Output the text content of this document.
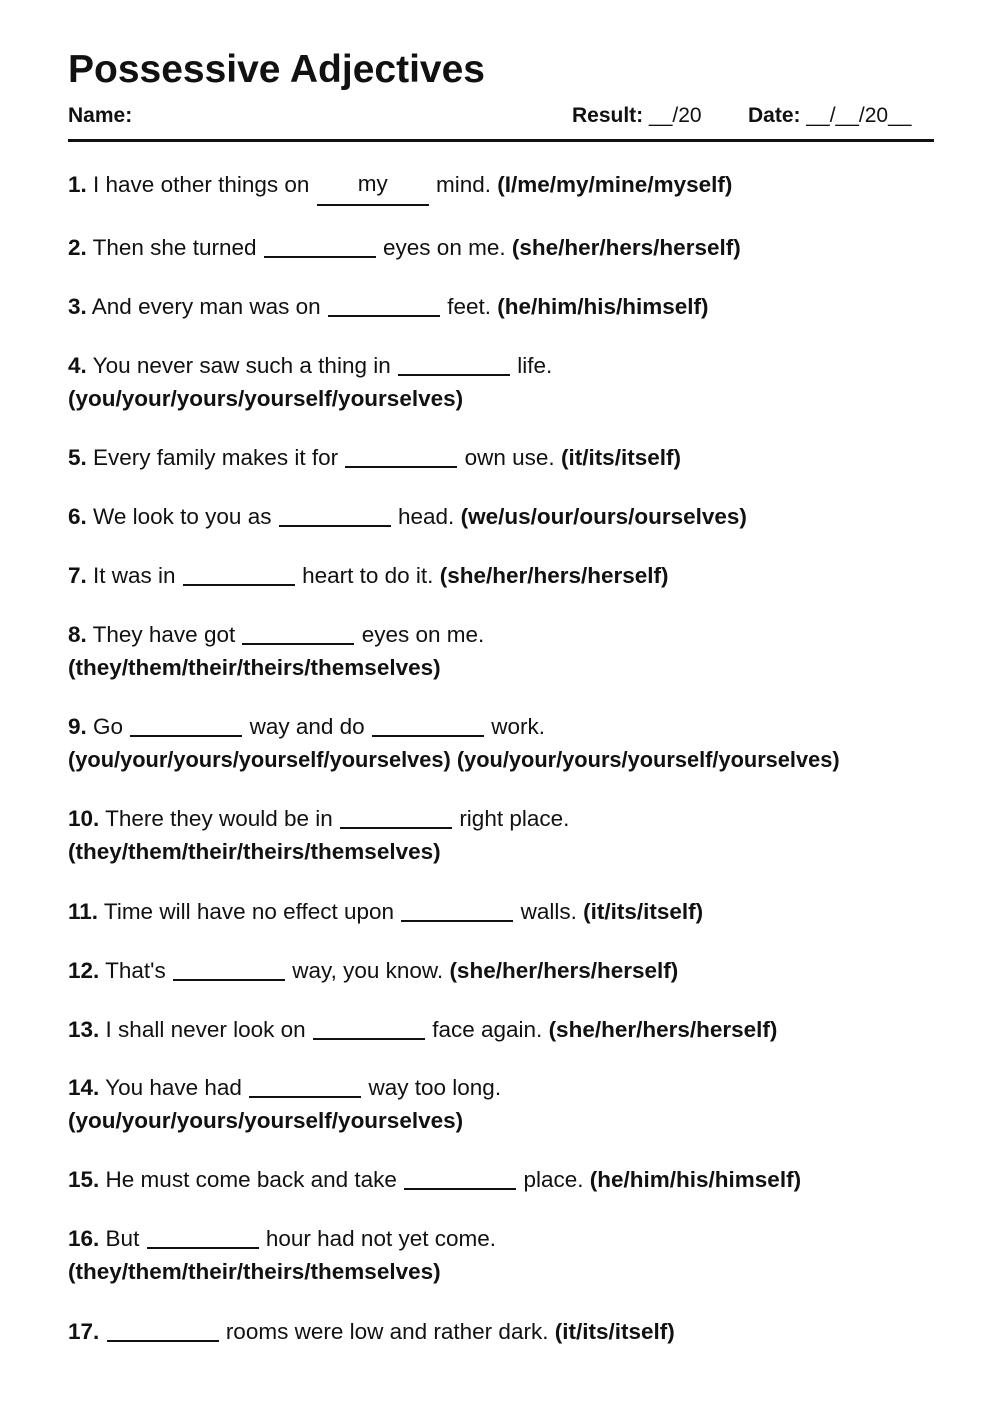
Possessive Adjectives
Name:	Result: __/20 Date: __/__/20__
1. I have other things on my mind. (I/me/my/mine/myself)
2. Then she turned	eyes on me. (she/her/hers/herself)
3. And every man was on	feet. (he/him/his/himself)
4. You never saw such a thing in	life.
(you/your/yours/yourself/yourselves)
5. Every family makes it for	own use. (it/its/itself)
6. We look to you as	head. (we/us/our/ours/ourselves)
7. It was in	heart to do it. (she/her/hers/herself)
8. They have got	eyes on me.
(they/them/their/theirs/themselves)
9. Go	way and do	work.
(you/your/yours/yourself/yourselves) (you/your/yours/yourself/yourselves)
10. There they would be in	right place.
(they/them/their/theirs/themselves)
11. Time will have no effect upon	walls. (it/its/itself)
12. That's	way, you know. (she/her/hers/herself)
13. I shall never look on	face again. (she/her/hers/herself)
14. You have had	way too long.
(you/your/yours/yourself/yourselves)
15. He must come back and take	place. (he/him/his/himself)
16. But	hour had not yet come.
(they/them/their/theirs/themselves)
17.	rooms were low and rather dark. (it/its/itself)
